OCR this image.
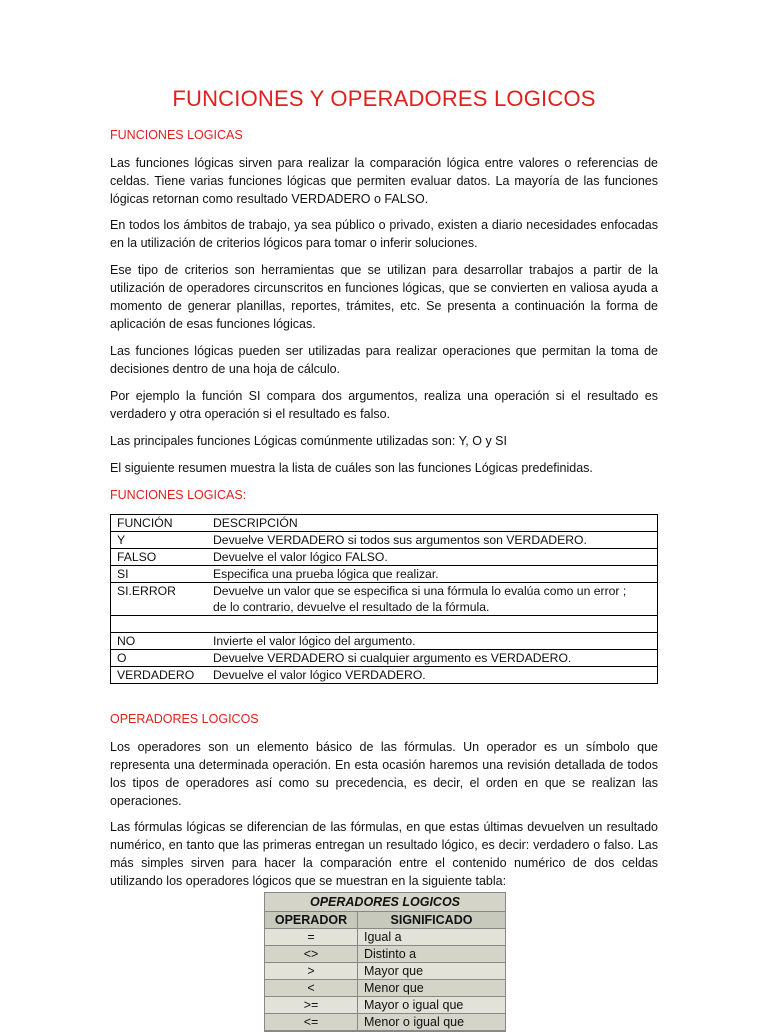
FUNCIONES Y OPERADORES LOGICOS
FUNCIONES LOGICAS
Las funciones lógicas sirven para realizar la comparación lógica entre valores o referencias de celdas. Tiene varias funciones lógicas que permiten evaluar datos. La mayoría de las funciones lógicas retornan como resultado VERDADERO o FALSO.
En todos los ámbitos de trabajo, ya sea público o privado, existen a diario necesidades enfocadas en la utilización de criterios lógicos para tomar o inferir soluciones.
Ese tipo de criterios son herramientas que se utilizan para desarrollar trabajos a partir de la utilización de operadores circunscritos en funciones lógicas, que se convierten en valiosa ayuda a momento de generar planillas, reportes, trámites, etc. Se presenta a continuación la forma de aplicación de esas funciones lógicas.
Las funciones lógicas pueden ser utilizadas para realizar operaciones que permitan la toma de decisiones dentro de una hoja de cálculo.
Por ejemplo la función SI compara dos argumentos, realiza una operación si el resultado es verdadero y otra operación si el resultado es falso.
Las principales funciones Lógicas comúnmente utilizadas son: Y, O y SI
El siguiente resumen muestra la lista de cuáles son las funciones Lógicas predefinidas.
FUNCIONES LOGICAS:
FUNCIÓN	DESCRIPCIÓN
Y	Devuelve VERDADERO si todos sus argumentos son VERDADERO.
FALSO	Devuelve el valor lógico FALSO.
SI	Especifica una prueba lógica que realizar.
SI.ERROR	Devuelve un valor que se especifica si una fórmula lo evalúa como un error ;
	de lo contrario, devuelve el resultado de la fórmula.

NO	Invierte el valor lógico del argumento.
O	Devuelve VERDADERO si cualquier argumento es VERDADERO.
VERDADERO	Devuelve el valor lógico VERDADERO.
OPERADORES LOGICOS
Los operadores son un elemento básico de las fórmulas. Un operador es un símbolo que representa una determinada operación. En esta ocasión haremos una revisión detallada de todos los tipos de operadores así como su precedencia, es decir, el orden en que se realizan las operaciones.
Las fórmulas lógicas se diferencian de las fórmulas, en que estas últimas devuelven un resultado numérico, en tanto que las primeras entregan un resultado lógico, es decir: verdadero o falso. Las más simples sirven para hacer la comparación entre el contenido numérico de dos celdas utilizando los operadores lógicos que se muestran en la siguiente tabla:
OPERADORES LOGICOS
OPERADOR	SIGNIFICADO
=	Igual a
<>	Distinto a
>	Mayor que
<	Menor que
>=	Mayor o igual que
<=	Menor o igual que
